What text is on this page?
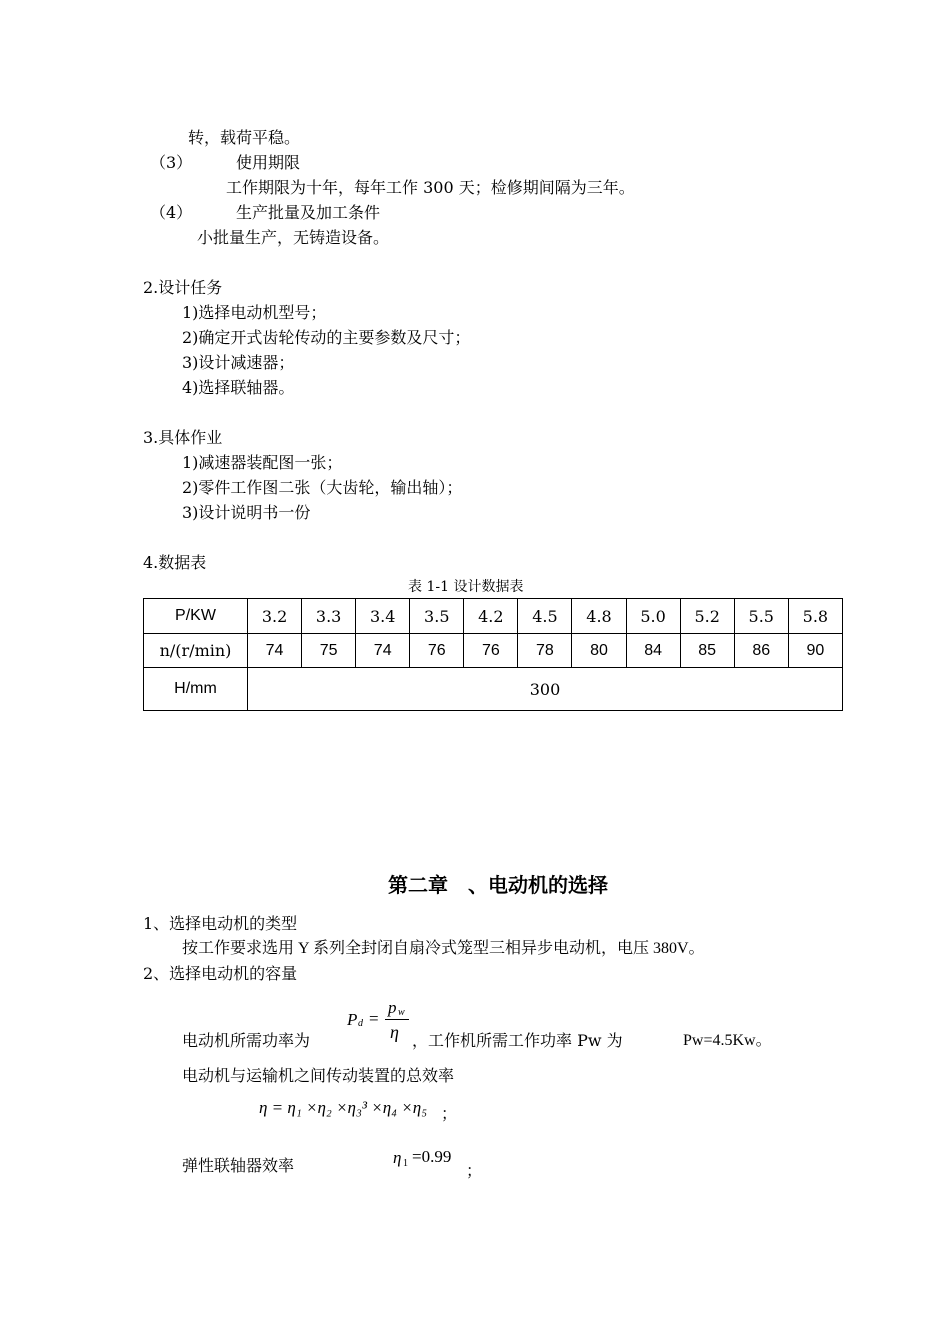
转，载荷平稳。
（3）	使用期限
工作期限为十年，每年工作 300 天；检修期间隔为三年。
（4）	生产批量及加工条件
小批量生产，无铸造设备。
2.设计任务
1)选择电动机型号；
2)确定开式齿轮传动的主要参数及尺寸；
3)设计减速器；
4)选择联轴器。
3.具体作业
1)减速器装配图一张；
2)零件工作图二张（大齿轮，输出轴）；
3)设计说明书一份
4.数据表
表 1-1 设计数据表
P/KW	3.2	3.3	3.4	3.5	4.2	4.5	4.8	5.0	5.2	5.5	5.8
n/(r/min)	74	75	74	76	76	78	80	84	85	86	90
H/mm	300										
第二章　、电动机的选择
1、选择电动机的类型
按工作要求选用 Y 系列全封闭自扇冷式笼型三相异步电动机，电压 380V。
2、选择电动机的容量
P d =
p w
η
电动机所需功率为	，工作机所需工作功率 Pw 为	Pw=4.5Kw。
电动机与运输机之间传动装置的总效率
η = η₁ ×η₂ ×η₃³ ×η₄ ×η₅ ；
弹性联轴器效率	η 1 =0.99
；
